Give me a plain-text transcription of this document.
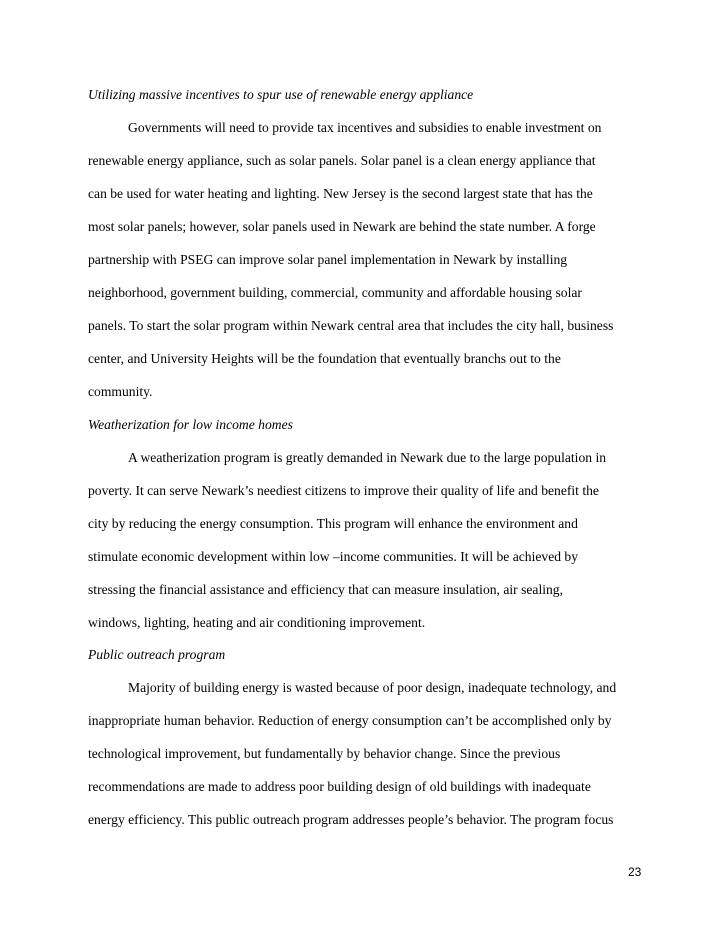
Utilizing massive incentives to spur use of renewable energy appliance
Governments will need to provide tax incentives and subsidies to enable investment on
renewable energy appliance, such as solar panels. Solar panel is a clean energy appliance that
can be used for water heating and lighting. New Jersey is the second largest state that has the
most solar panels; however, solar panels used in Newark are behind the state number. A forge
partnership with PSEG can improve solar panel implementation in Newark by installing
neighborhood, government building, commercial, community and affordable housing solar
panels. To start the solar program within Newark central area that includes the city hall, business
center, and University Heights will be the foundation that eventually branchs out to the
community.
Weatherization for low income homes
A weatherization program is greatly demanded in Newark due to the large population in
poverty. It can serve Newark’s neediest citizens to improve their quality of life and benefit the
city by reducing the energy consumption. This program will enhance the environment and
stimulate economic development within low –income communities. It will be achieved by
stressing the financial assistance and efficiency that can measure insulation, air sealing,
windows, lighting, heating and air conditioning improvement.
Public outreach program
Majority of building energy is wasted because of poor design, inadequate technology, and
inappropriate human behavior. Reduction of energy consumption can’t be accomplished only by
technological improvement, but fundamentally by behavior change. Since the previous
recommendations are made to address poor building design of old buildings with inadequate
energy efficiency. This public outreach program addresses people’s behavior. The program focus
23
